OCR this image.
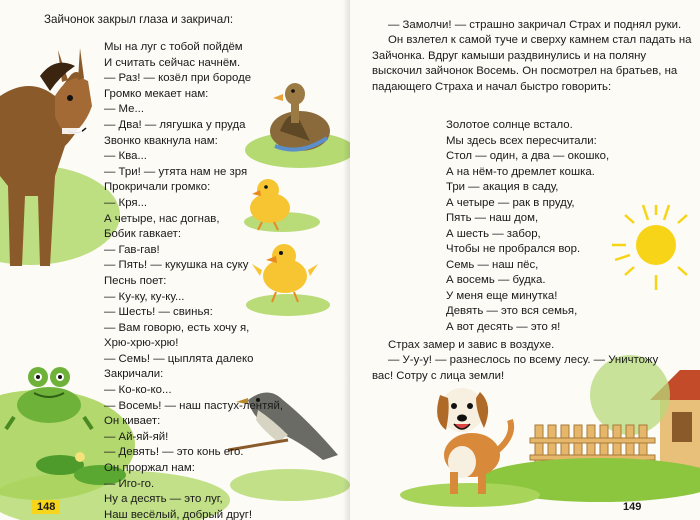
Зайчонок закрыл глаза и закричал:
Мы на луг с тобой пойдём
И считать сейчас начнём.
— Раз! — козёл при бороде
Громко мекает нам:
— Ме...
— Два! — лягушка у пруда
Звонко квакнула нам:
— Ква...
— Три! — утята нам не зря
Прокричали громко:
— Кря...
А четыре, нас догнав,
Бобик гавкает:
— Гав-гав!
— Пять! — кукушка на суку
Песнь поет:
— Ку-ку, ку-ку...
— Шесть! — свинья:
— Вам говорю, есть хочу я,
Хрю-хрю-хрю!
— Семь! — цыплята далеко
Закричали:
— Ко-ко-ко...
— Восемь! — наш пастух-лентяй,
Он кивает:
— Ай-яй-яй!
— Девять! — это конь его.
Он проржал нам:
— Иго-го.
Ну а десять — это луг,
Наш весёлый, добрый друг!
148

— Замолчи! — страшно закричал Страх и поднял руки.

Он взлетел к самой туче и сверху камнем стал падать на Зайчонка. Вдруг камыши раздвинулись и на поляну выскочил зайчонок Восемь. Он посмотрел на братьев, на падающего Страха и начал быстро говорить:

Золотое солнце встало.
Мы здесь всех пересчитали:
Стол — один, а два — окошко,
А на нём-то дремлет кошка.
Три — акация в саду,
А четыре — рак в пруду,
Пять — наш дом,
А шесть — забор,
Чтобы не пробрался вор.
Семь — наш пёс,
А восемь — будка.
У меня еще минутка!
Девять — это вся семья,
А вот десять — это я!

Страх замер и завис в воздухе.

— У-у-у! — разнеслось по всему лесу. — Уничтожу вас! Сотру с лица земли!

149
